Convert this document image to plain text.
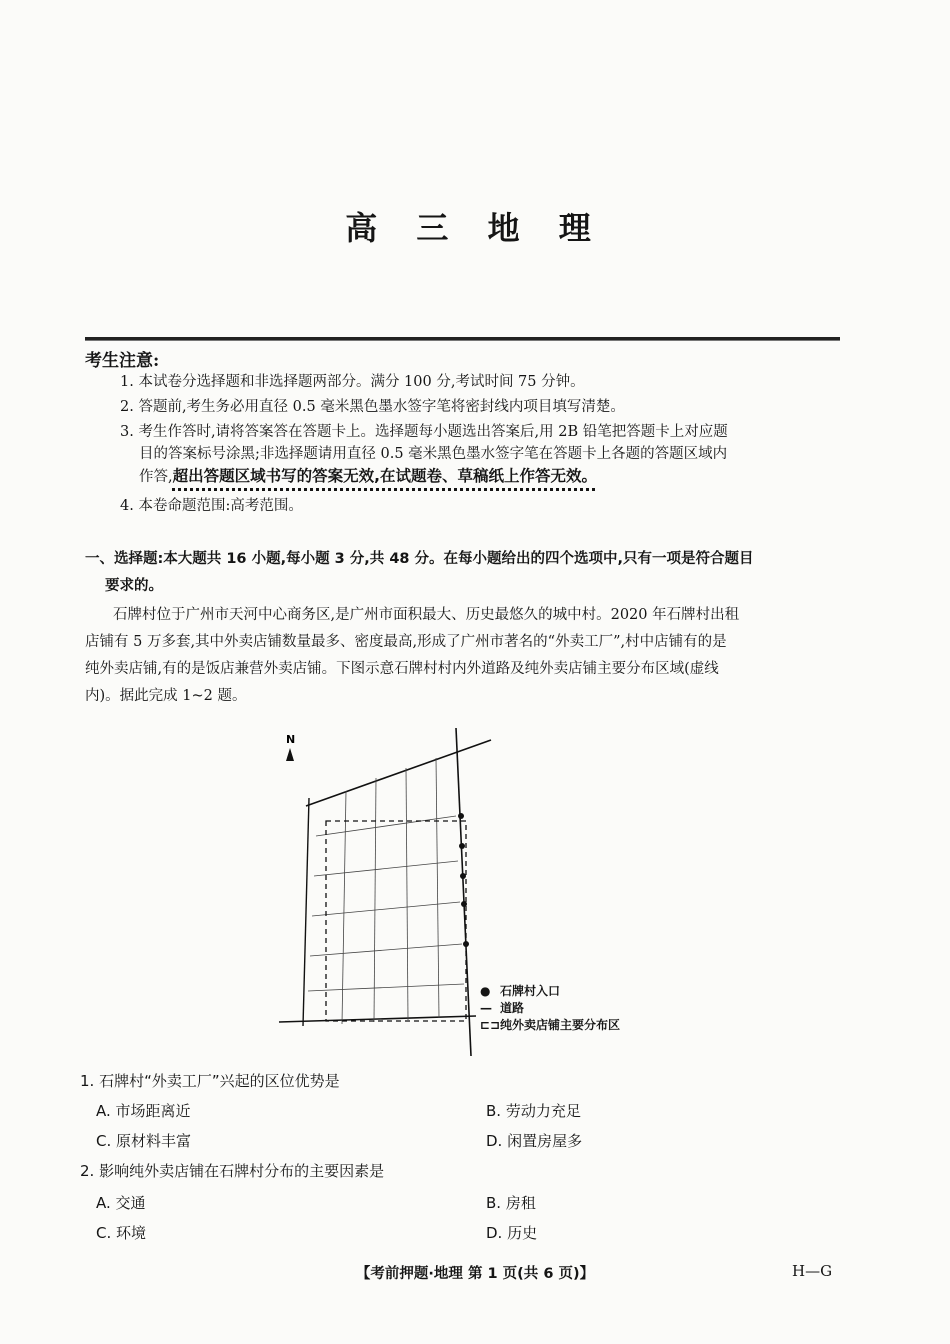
高 三 地 理
考生注意:
1. 本试卷分选择题和非选择题两部分。满分 100 分,考试时间 75 分钟。
2. 答题前,考生务必用直径 0.5 毫米黑色墨水签字笔将密封线内项目填写清楚。
3. 考生作答时,请将答案答在答题卡上。选择题每小题选出答案后,用 2B 铅笔把答题卡上对应题
目的答案标号涂黑;非选择题请用直径 0.5 毫米黑色墨水签字笔在答题卡上各题的答题区域内
作答,超出答题区域书写的答案无效,在试题卷、草稿纸上作答无效。
4. 本卷命题范围:高考范围。
一、选择题:本大题共 16 小题,每小题 3 分,共 48 分。在每小题给出的四个选项中,只有一项是符合题目
要求的。
石牌村位于广州市天河中心商务区,是广州市面积最大、历史最悠久的城中村。2020 年石牌村出租
店铺有 5 万多套,其中外卖店铺数量最多、密度最高,形成了广州市著名的“外卖工厂”,村中店铺有的是
纯外卖店铺,有的是饭店兼营外卖店铺。下图示意石牌村村内外道路及纯外卖店铺主要分布区域(虚线
内)。据此完成 1~2 题。
N
● 石牌村入口
— 道路
⊏⊐纯外卖店铺主要分布区
1. 石牌村“外卖工厂”兴起的区位优势是
A. 市场距离近	B. 劳动力充足
C. 原材料丰富	D. 闲置房屋多
2. 影响纯外卖店铺在石牌村分布的主要因素是
A. 交通	B. 房租
C. 环境	D. 历史
【考前押题·地理 第 1 页(共 6 页)】	H—G
